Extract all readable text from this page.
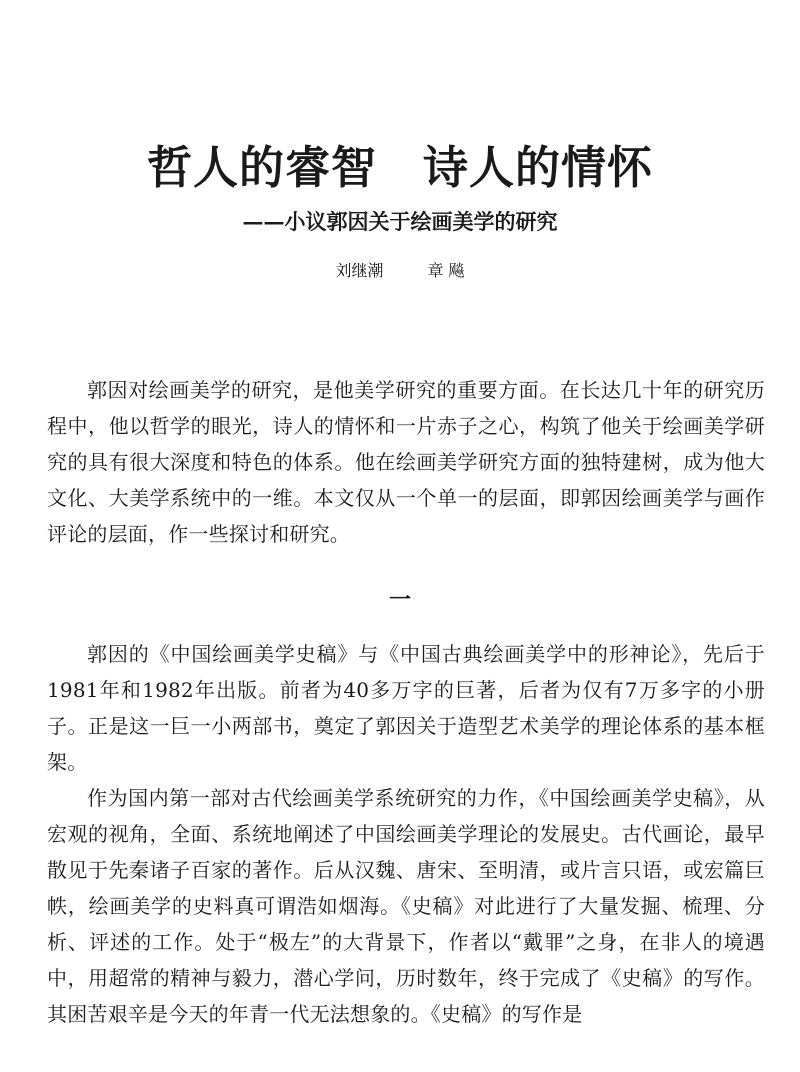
哲人的睿智 诗人的情怀
——小议郭因关于绘画美学的研究
刘继潮	章 飚

郭因对绘画美学的研究，是他美学研究的重要方面。在长达几十年的研究历程中，他以哲学的眼光，诗人的情怀和一片赤子之心，构筑了他关于绘画美学研究的具有很大深度和特色的体系。他在绘画美学研究方面的独特建树，成为他大文化、大美学系统中的一维。本文仅从一个单一的层面，即郭因绘画美学与画作评论的层面，作一些探讨和研究。

一

郭因的《中国绘画美学史稿》与《中国古典绘画美学中的形神论》，先后于1981年和1982年出版。前者为40多万字的巨著，后者为仅有7万多字的小册子。正是这一巨一小两部书，奠定了郭因关于造型艺术美学的理论体系的基本框架。

作为国内第一部对古代绘画美学系统研究的力作，《中国绘画美学史稿》，从宏观的视角，全面、系统地阐述了中国绘画美学理论的发展史。古代画论，最早散见于先秦诸子百家的著作。后从汉魏、唐宋、至明清，或片言只语，或宏篇巨帙，绘画美学的史料真可谓浩如烟海。《史稿》对此进行了大量发掘、梳理、分析、评述的工作。处于“极左”的大背景下，作者以“戴罪”之身，在非人的境遇中，用超常的精神与毅力，潜心学问，历时数年，终于完成了《史稿》的写作。其困苦艰辛是今天的年青一代无法想象的。《史稿》的写作是
